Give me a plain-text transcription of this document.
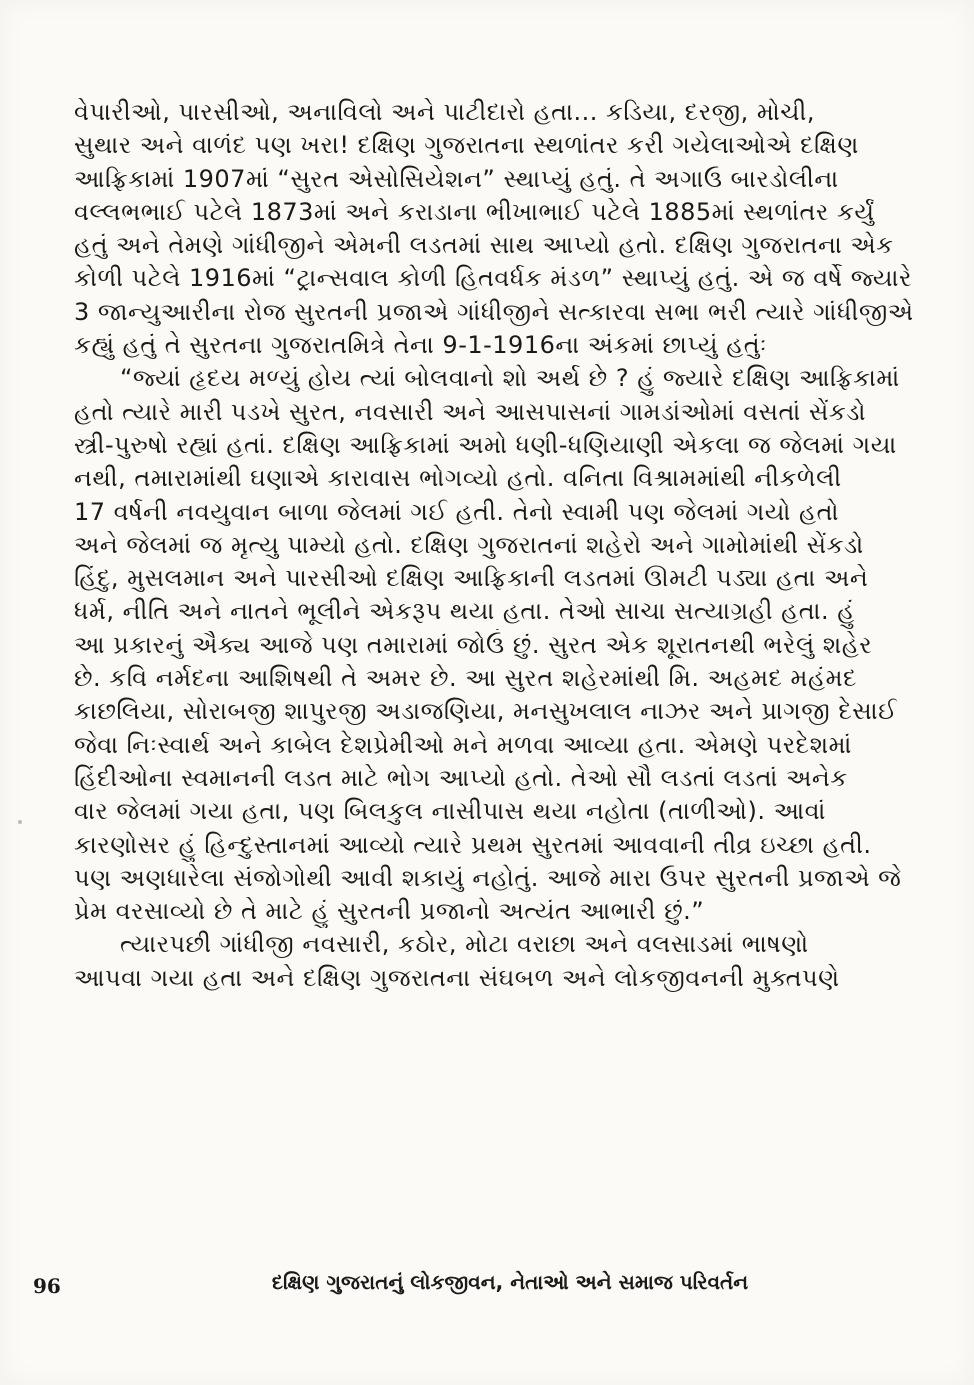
વેપારીઓ, પારસીઓ, અનાવિલો અને પાટીદારો હતા... કડિયા, દરજી, મોચી,
સુથાર અને વાળંદ પણ ખરા! દક્ષિણ ગુજરાતના સ્થળાંતર કરી ગયેલાઓએ દક્ષિણ
આફ્રિકામાં 1907માં “સુરત એસોસિયેશન” સ્થાપ્યું હતું. તે અગાઉ બારડોલીના
વલ્લભભાઈ પટેલે 1873માં અને કરાડાના ભીખાભાઈ પટેલે 1885માં સ્થળાંતર કર્યું
હતું અને તેમણે ગાંધીજીને એમની લડતમાં સાથ આપ્યો હતો. દક્ષિણ ગુજરાતના એક
કોળી પટેલે 1916માં “ટ્રાન્સવાલ કોળી હિતવર્ધક મંડળ” સ્થાપ્યું હતું. એ જ વર્ષે જ્યારે
3 જાન્યુઆરીના રોજ સુરતની પ્રજાએ ગાંધીજીને સત્કારવા સભા ભરી ત્યારે ગાંધીજીએ
કહ્યું હતું તે સુરતના ગુજરાતમિત્રે તેના 9-1-1916ના અંકમાં છાપ્યું હતુંઃ
“જ્યાં હૃદય મળ્યું હોય ત્યાં બોલવાનો શો અર્થ છે ? હું જ્યારે દક્ષિણ આફ્રિકામાં
હતો ત્યારે મારી પડખે સુરત, નવસારી અને આસપાસનાં ગામડાંઓમાં વસતાં સેંકડો
સ્ત્રી-પુરુષો રહ્યાં હતાં. દક્ષિણ આફ્રિકામાં અમો ધણી-ધણિયાણી એકલા જ જેલમાં ગયા
નથી, તમારામાંથી ઘણાએ કારાવાસ ભોગવ્યો હતો. વનિતા વિશ્રામમાંથી નીકળેલી
17 વર્ષની નવયુવાન બાળા જેલમાં ગઈ હતી. તેનો સ્વામી પણ જેલમાં ગયો હતો
અને જેલમાં જ મૃત્યુ પામ્યો હતો. દક્ષિણ ગુજરાતનાં શહેરો અને ગામોમાંથી સેંકડો
હિંદુ, મુસલમાન અને પારસીઓ દક્ષિણ આફ્રિકાની લડતમાં ઊમટી પડ્યા હતા અને
ધર્મ, નીતિ અને નાતને ભૂલીને એકરૂપ થયા હતા. તેઓ સાચા સત્યાગ્રહી હતા. હું
આ પ્રકારનું ઐક્ય આજે પણ તમારામાં જોઉં છું. સુરત એક શૂરાતનથી ભરેલું શહેર
છે. કવિ નર્મદના આશિષથી તે અમર છે. આ સુરત શહેરમાંથી મિ. અહમદ મહંમદ
કાછલિયા, સોરાબજી શાપુરજી અડાજણિયા, મનસુખલાલ નાઝર અને પ્રાગજી દેસાઈ
જેવા નિઃસ્વાર્થ અને કાબેલ દેશપ્રેમીઓ મને મળવા આવ્યા હતા. એમણે પરદેશમાં
હિંદીઓના સ્વમાનની લડત માટે ભોગ આપ્યો હતો. તેઓ સૌ લડતાં લડતાં અનેક
વાર જેલમાં ગયા હતા, પણ બિલકુલ નાસીપાસ થયા નહોતા (તાળીઓ). આવાં
કારણોસર હું હિન્દુસ્તાનમાં આવ્યો ત્યારે પ્રથમ સુરતમાં આવવાની તીવ્ર ઇચ્છા હતી.
પણ અણધારેલા સંજોગોથી આવી શકાયું નહોતું. આજે મારા ઉપર સુરતની પ્રજાએ જે
પ્રેમ વરસાવ્યો છે તે માટે હું સુરતની પ્રજાનો અત્યંત આભારી છું.”
ત્યારપછી ગાંધીજી નવસારી, કઠોર, મોટા વરાછા અને વલસાડમાં ભાષણો
આપવા ગયા હતા અને દક્ષિણ ગુજરાતના સંઘબળ અને લોકજીવનની મુક્તપણે
96	દક્ષિણ ગુજરાતનું લોકજીવન, નેતાઓ અને સમાજ પરિવર્તન
